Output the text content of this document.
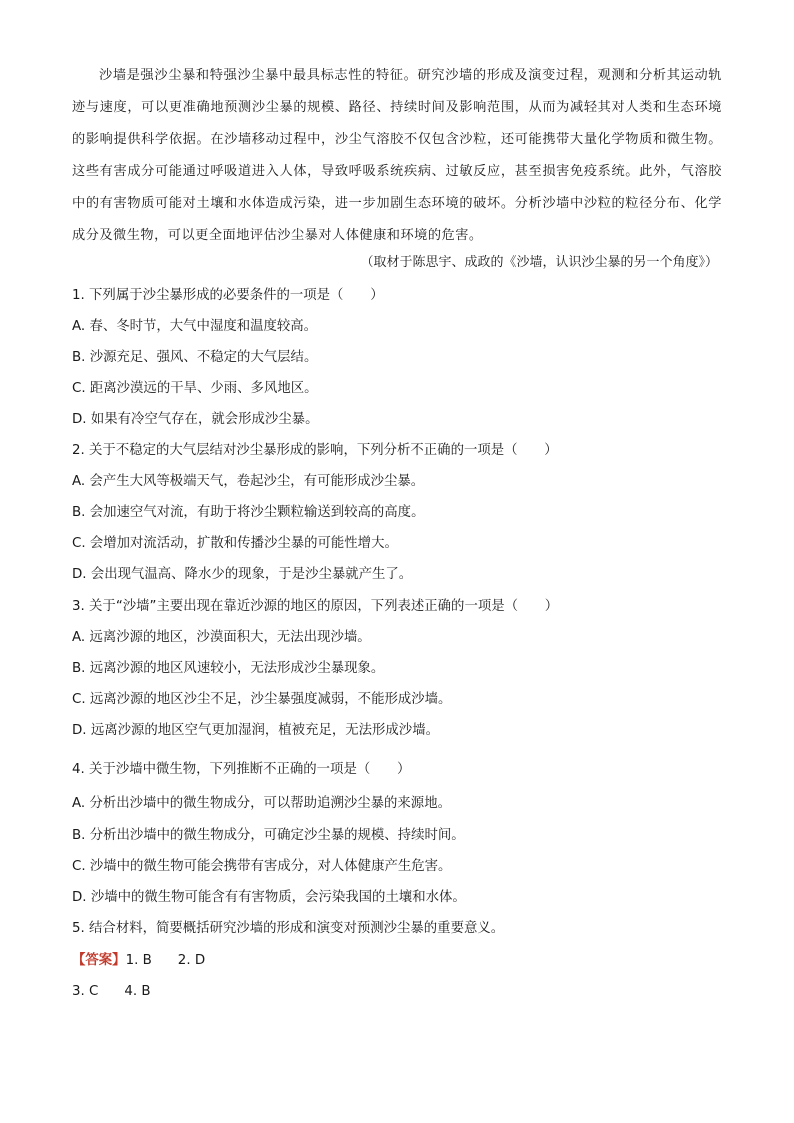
沙墙是强沙尘暴和特强沙尘暴中最具标志性的特征。研究沙墙的形成及演变过程，观测和分析其运动轨迹与速度，可以更准确地预测沙尘暴的规模、路径、持续时间及影响范围，从而为减轻其对人类和生态环境的影响提供科学依据。在沙墙移动过程中，沙尘气溶胶不仅包含沙粒，还可能携带大量化学物质和微生物。这些有害成分可能通过呼吸道进入人体，导致呼吸系统疾病、过敏反应，甚至损害免疫系统。此外，气溶胶中的有害物质可能对土壤和水体造成污染，进一步加剧生态环境的破坏。分析沙墙中沙粒的粒径分布、化学成分及微生物，可以更全面地评估沙尘暴对人体健康和环境的危害。

（取材于陈思宇、成政的《沙墙，认识沙尘暴的另一个角度》）

1. 下列属于沙尘暴形成的必要条件的一项是（　　）

A. 春、冬时节，大气中湿度和温度较高。

B. 沙源充足、强风、不稳定的大气层结。

C. 距离沙漠远的干旱、少雨、多风地区。

D. 如果有冷空气存在，就会形成沙尘暴。

2. 关于不稳定的大气层结对沙尘暴形成的影响，下列分析不正确的一项是（　　）

A. 会产生大风等极端天气，卷起沙尘，有可能形成沙尘暴。

B. 会加速空气对流，有助于将沙尘颗粒输送到较高的高度。

C. 会增加对流活动，扩散和传播沙尘暴的可能性增大。

D. 会出现气温高、降水少的现象，于是沙尘暴就产生了。

3. 关于“沙墙”主要出现在靠近沙源的地区的原因，下列表述正确的一项是（　　）

A. 远离沙源的地区，沙漠面积大，无法出现沙墙。

B. 远离沙源的地区风速较小，无法形成沙尘暴现象。

C. 远离沙源的地区沙尘不足，沙尘暴强度减弱，不能形成沙墙。

D. 远离沙源的地区空气更加湿润，植被充足，无法形成沙墙。

4. 关于沙墙中微生物，下列推断不正确的一项是（　　）

A. 分析出沙墙中的微生物成分，可以帮助追溯沙尘暴的来源地。

B. 分析出沙墙中的微生物成分，可确定沙尘暴的规模、持续时间。

C. 沙墙中的微生物可能会携带有害成分，对人体健康产生危害。

D. 沙墙中的微生物可能含有有害物质，会污染我国的土壤和水体。

5. 结合材料，简要概括研究沙墙的形成和演变对预测沙尘暴的重要意义。

【答案】1. B 2. D

3. C 4. B
